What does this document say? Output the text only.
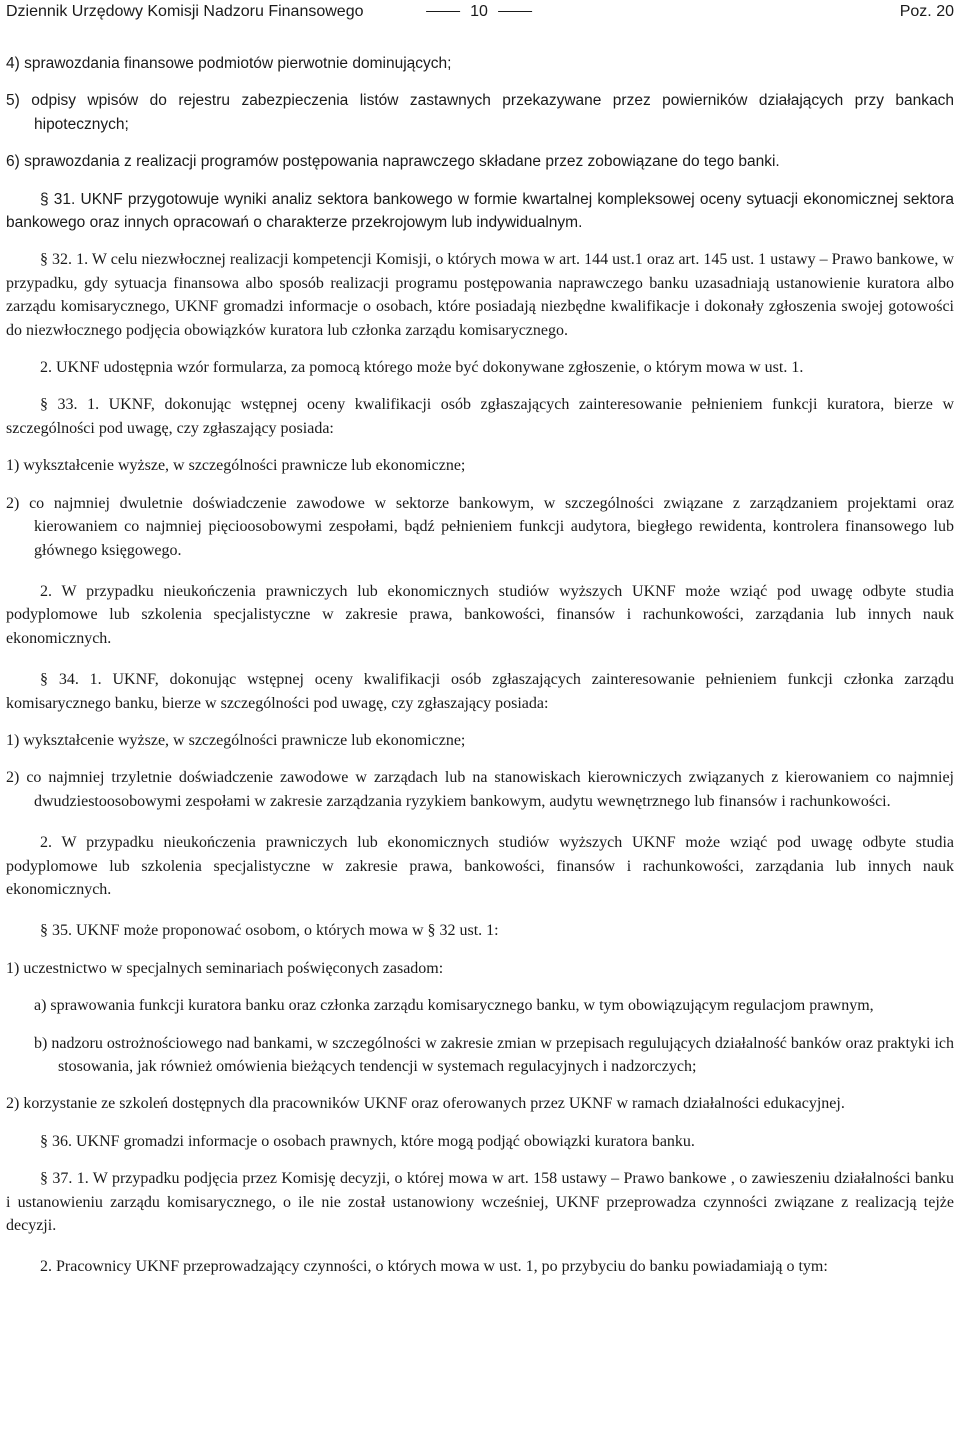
Dziennik Urzędowy Komisji Nadzoru Finansowego	10	Poz. 20

4) sprawozdania finansowe podmiotów pierwotnie dominujących;

5) odpisy wpisów do rejestru zabezpieczenia listów zastawnych przekazywane przez powierników działających przy bankach hipotecznych;

6) sprawozdania z realizacji programów postępowania naprawczego składane przez zobowiązane do tego banki.

§ 31. UKNF przygotowuje wyniki analiz sektora bankowego w formie kwartalnej kompleksowej oceny sytuacji ekonomicznej sektora bankowego oraz innych opracowań o charakterze przekrojowym lub indywidualnym.

§ 32. 1. W celu niezwłocznej realizacji kompetencji Komisji, o których mowa w art. 144 ust.1 oraz art. 145 ust. 1 ustawy – Prawo bankowe, w przypadku, gdy sytuacja finansowa albo sposób realizacji programu postępowania naprawczego banku uzasadniają ustanowienie kuratora albo zarządu komisarycznego, UKNF gromadzi informacje o osobach, które posiadają niezbędne kwalifikacje i dokonały zgłoszenia swojej gotowości do niezwłocznego podjęcia obowiązków kuratora lub członka zarządu komisarycznego.

2. UKNF udostępnia wzór formularza, za pomocą którego może być dokonywane zgłoszenie, o którym mowa w ust. 1.

§ 33. 1. UKNF, dokonując wstępnej oceny kwalifikacji osób zgłaszających zainteresowanie pełnieniem funkcji kuratora, bierze w szczególności pod uwagę, czy zgłaszający posiada:

1) wykształcenie wyższe, w szczególności prawnicze lub ekonomiczne;

2) co najmniej dwuletnie doświadczenie zawodowe w sektorze bankowym, w szczególności związane z zarządzaniem projektami oraz kierowaniem co najmniej pięcioosobowymi zespołami, bądź pełnieniem funkcji audytora, biegłego rewidenta, kontrolera finansowego lub głównego księgowego.

2. W przypadku nieukończenia prawniczych lub ekonomicznych studiów wyższych UKNF może wziąć pod uwagę odbyte studia podyplomowe lub szkolenia specjalistyczne w zakresie prawa, bankowości, finansów i rachunkowości, zarządania lub innych nauk ekonomicznych.

§ 34. 1. UKNF, dokonując wstępnej oceny kwalifikacji osób zgłaszających zainteresowanie pełnieniem funkcji członka zarządu komisarycznego banku, bierze w szczególności pod uwagę, czy zgłaszający posiada:

1) wykształcenie wyższe, w szczególności prawnicze lub ekonomiczne;

2) co najmniej trzyletnie doświadczenie zawodowe w zarządach lub na stanowiskach kierowniczych związanych z kierowaniem co najmniej dwudziestoosobowymi zespołami w zakresie zarządzania ryzykiem bankowym, audytu wewnętrznego lub finansów i rachunkowości.

2. W przypadku nieukończenia prawniczych lub ekonomicznych studiów wyższych UKNF może wziąć pod uwagę odbyte studia podyplomowe lub szkolenia specjalistyczne w zakresie prawa, bankowości, finansów i rachunkowości, zarządania lub innych nauk ekonomicznych.

§ 35. UKNF może proponować osobom, o których mowa w § 32 ust. 1:

1) uczestnictwo w specjalnych seminariach poświęconych zasadom:

a) sprawowania funkcji kuratora banku oraz członka zarządu komisarycznego banku, w tym obowiązującym regulacjom prawnym,

b) nadzoru ostrożnościowego nad bankami, w szczególności w zakresie zmian w przepisach regulujących działalność banków oraz praktyki ich stosowania, jak również omówienia bieżących tendencji w systemach regulacyjnych i nadzorczych;

2) korzystanie ze szkoleń dostępnych dla pracowników UKNF oraz oferowanych przez UKNF w ramach działalności edukacyjnej.

§ 36. UKNF gromadzi informacje o osobach prawnych, które mogą podjąć obowiązki kuratora banku.

§ 37. 1. W przypadku podjęcia przez Komisję decyzji, o której mowa w art. 158 ustawy – Prawo bankowe , o zawieszeniu działalności banku i ustanowieniu zarządu komisarycznego, o ile nie został ustanowiony wcześniej, UKNF przeprowadza czynności związane z realizacją tejże decyzji.

2. Pracownicy UKNF przeprowadzający czynności, o których mowa w ust. 1, po przybyciu do banku powiadamiają o tym:
